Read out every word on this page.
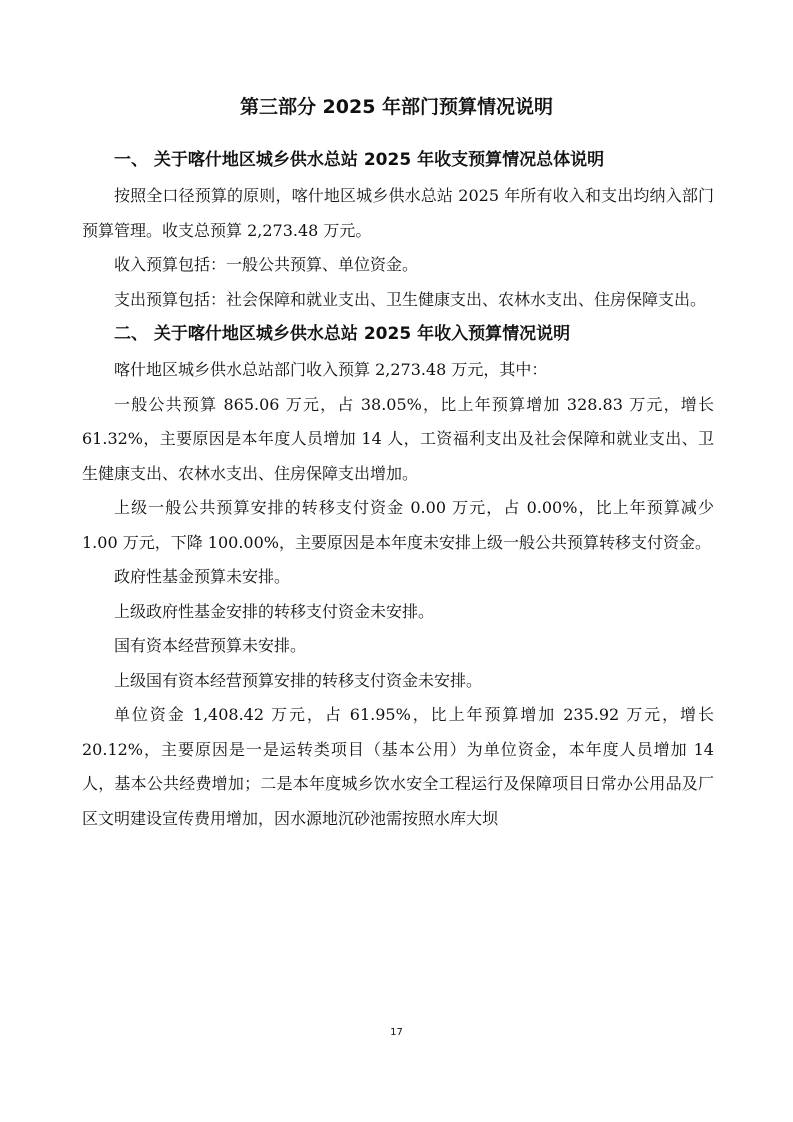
第三部分 2025 年部门预算情况说明
一、 关于喀什地区城乡供水总站 2025 年收支预算情况总体说明

按照全口径预算的原则，喀什地区城乡供水总站 2025 年所有收入和支出均纳入部门预算管理。收支总预算 2,273.48 万元。

收入预算包括：一般公共预算、单位资金。

支出预算包括：社会保障和就业支出、卫生健康支出、农林水支出、住房保障支出。

二、 关于喀什地区城乡供水总站 2025 年收入预算情况说明

喀什地区城乡供水总站部门收入预算 2,273.48 万元，其中：

一般公共预算 865.06 万元，占 38.05%，比上年预算增加 328.83 万元，增长 61.32%，主要原因是本年度人员增加 14 人，工资福利支出及社会保障和就业支出、卫生健康支出、农林水支出、住房保障支出增加。

上级一般公共预算安排的转移支付资金 0.00 万元，占 0.00%，比上年预算减少 1.00 万元，下降 100.00%，主要原因是本年度未安排上级一般公共预算转移支付资金。

政府性基金预算未安排。

上级政府性基金安排的转移支付资金未安排。

国有资本经营预算未安排。

上级国有资本经营预算安排的转移支付资金未安排。

单位资金 1,408.42 万元，占 61.95%，比上年预算增加 235.92 万元，增长 20.12%，主要原因是一是运转类项目（基本公用）为单位资金，本年度人员增加 14 人，基本公共经费增加；二是本年度城乡饮水安全工程运行及保障项目日常办公用品及厂区文明建设宣传费用增加，因水源地沉砂池需按照水库大坝

17
